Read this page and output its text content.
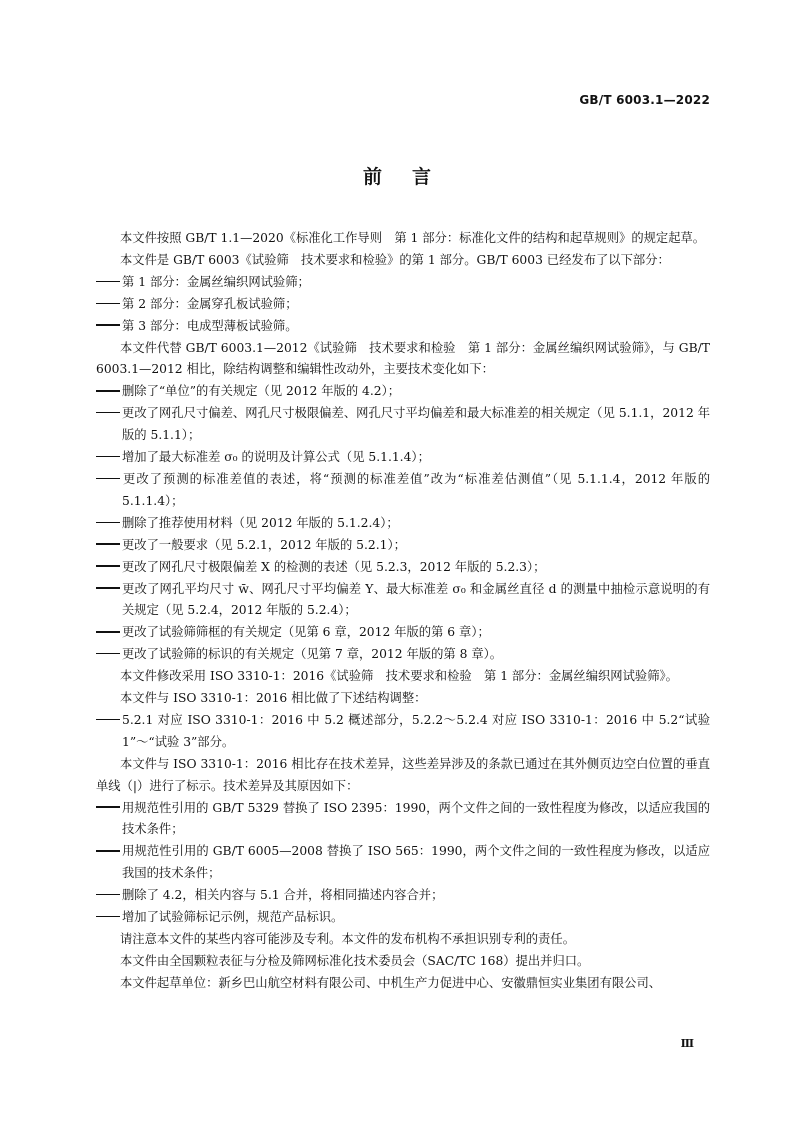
GB/T 6003.1—2022
前言
本文件按照 GB/T 1.1—2020《标准化工作导则　第 1 部分：标准化文件的结构和起草规则》的规定起草。
本文件是 GB/T 6003《试验筛　技术要求和检验》的第 1 部分。GB/T 6003 已经发布了以下部分：
第 1 部分：金属丝编织网试验筛；
第 2 部分：金属穿孔板试验筛；
第 3 部分：电成型薄板试验筛。
本文件代替 GB/T 6003.1—2012《试验筛　技术要求和检验　第 1 部分：金属丝编织网试验筛》，与 GB/T 6003.1—2012 相比，除结构调整和编辑性改动外，主要技术变化如下：
删除了“单位”的有关规定（见 2012 年版的 4.2）；
更改了网孔尺寸偏差、网孔尺寸极限偏差、网孔尺寸平均偏差和最大标准差的相关规定（见 5.1.1，2012 年版的 5.1.1）；
增加了最大标准差 σ₀ 的说明及计算公式（见 5.1.1.4）；
更改了预测的标准差值的表述，将“预测的标准差值”改为“标准差估测值”（见 5.1.1.4，2012 年版的 5.1.1.4）；
删除了推荐使用材料（见 2012 年版的 5.1.2.4）；
更改了一般要求（见 5.2.1，2012 年版的 5.2.1）；
更改了网孔尺寸极限偏差 X 的检测的表述（见 5.2.3，2012 年版的 5.2.3）；
更改了网孔平均尺寸 w̄、网孔尺寸平均偏差 Y、最大标准差 σ₀ 和金属丝直径 d 的测量中抽检示意说明的有关规定（见 5.2.4，2012 年版的 5.2.4）；
更改了试验筛筛框的有关规定（见第 6 章，2012 年版的第 6 章）；
更改了试验筛的标识的有关规定（见第 7 章，2012 年版的第 8 章）。
本文件修改采用 ISO 3310-1：2016《试验筛　技术要求和检验　第 1 部分：金属丝编织网试验筛》。
本文件与 ISO 3310-1：2016 相比做了下述结构调整：
5.2.1 对应 ISO 3310-1：2016 中 5.2 概述部分，5.2.2～5.2.4 对应 ISO 3310-1：2016 中 5.2“试验 1”～“试验 3”部分。
本文件与 ISO 3310-1：2016 相比存在技术差异，这些差异涉及的条款已通过在其外侧页边空白位置的垂直单线（|）进行了标示。技术差异及其原因如下：
用规范性引用的 GB/T 5329 替换了 ISO 2395：1990，两个文件之间的一致性程度为修改，以适应我国的技术条件；
用规范性引用的 GB/T 6005—2008 替换了 ISO 565：1990，两个文件之间的一致性程度为修改，以适应我国的技术条件；
删除了 4.2，相关内容与 5.1 合并，将相同描述内容合并；
增加了试验筛标记示例，规范产品标识。
请注意本文件的某些内容可能涉及专利。本文件的发布机构不承担识别专利的责任。
本文件由全国颗粒表征与分检及筛网标准化技术委员会（SAC/TC 168）提出并归口。
本文件起草单位：新乡巴山航空材料有限公司、中机生产力促进中心、安徽鼎恒实业集团有限公司、
Ⅲ
